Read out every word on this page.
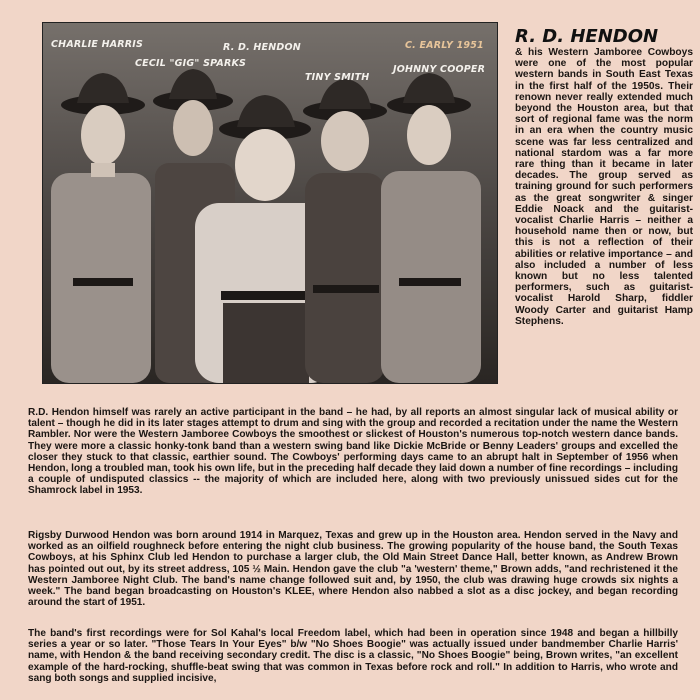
CHARLIE HARRIS	R. D. HENDON	C. EARLY 1951
CECIL "GIG" SPARKS
TINY SMITH
JOHNNY COOPER
R. D. HENDON
& his Western Jamboree Cowboys were one of the most popular western bands in South East Texas in the first half of the 1950s. Their renown never really extended much beyond the Houston area, but that sort of regional fame was the norm in an era when the country music scene was far less centralized and national stardom was a far more rare thing than it became in later decades. The group served as training ground for such performers as the great songwriter & singer Eddie Noack and the guitarist-vocalist Charlie Harris – neither a household name then or now, but this is not a reflection of their abilities or relative importance – and also included a number of less known but no less talented performers, such as guitarist-vocalist Harold Sharp, fiddler Woody Carter and guitarist Hamp Stephens.

R.D. Hendon himself was rarely an active participant in the band – he had, by all reports an almost singular lack of musical ability or talent – though he did in its later stages attempt to drum and sing with the group and recorded a recitation under the name the Western Rambler. Nor were the Western Jamboree Cowboys the smoothest or slickest of Houston's numerous top-notch western dance bands. They were more a classic honky-tonk band than a western swing band like Dickie McBride or Benny Leaders' groups and excelled the closer they stuck to that classic, earthier sound. The Cowboys' performing days came to an abrupt halt in September of 1956 when Hendon, long a troubled man, took his own life, but in the preceding half decade they laid down a number of fine recordings – including a couple of undisputed classics -- the majority of which are included here, along with two previously unissued sides cut for the Shamrock label in 1953.

Rigsby Durwood Hendon was born around 1914 in Marquez, Texas and grew up in the Houston area. Hendon served in the Navy and worked as an oilfield roughneck before entering the night club business. The growing popularity of the house band, the South Texas Cowboys, at his Sphinx Club led Hendon to purchase a larger club, the Old Main Street Dance Hall, better known, as Andrew Brown has pointed out out, by its street address, 105 ½ Main. Hendon gave the club "a 'western' theme," Brown adds, "and rechristened it the Western Jamboree Night Club. The band's name change followed suit and, by 1950, the club was drawing huge crowds six nights a week." The band began broadcasting on Houston's KLEE, where Hendon also nabbed a slot as a disc jockey, and began recording around the start of 1951.

The band's first recordings were for Sol Kahal's local Freedom label, which had been in operation since 1948 and began a hillbilly series a year or so later. "Those Tears In Your Eyes" b/w "No Shoes Boogie" was actually issued under bandmember Charlie Harris' name, with Hendon & the band receiving secondary credit. The disc is a classic, "No Shoes Boogie" being, Brown writes, "an excellent example of the hard-rocking, shuffle-beat swing that was common in Texas before rock and roll." In addition to Harris, who wrote and sang both songs and supplied incisive,
